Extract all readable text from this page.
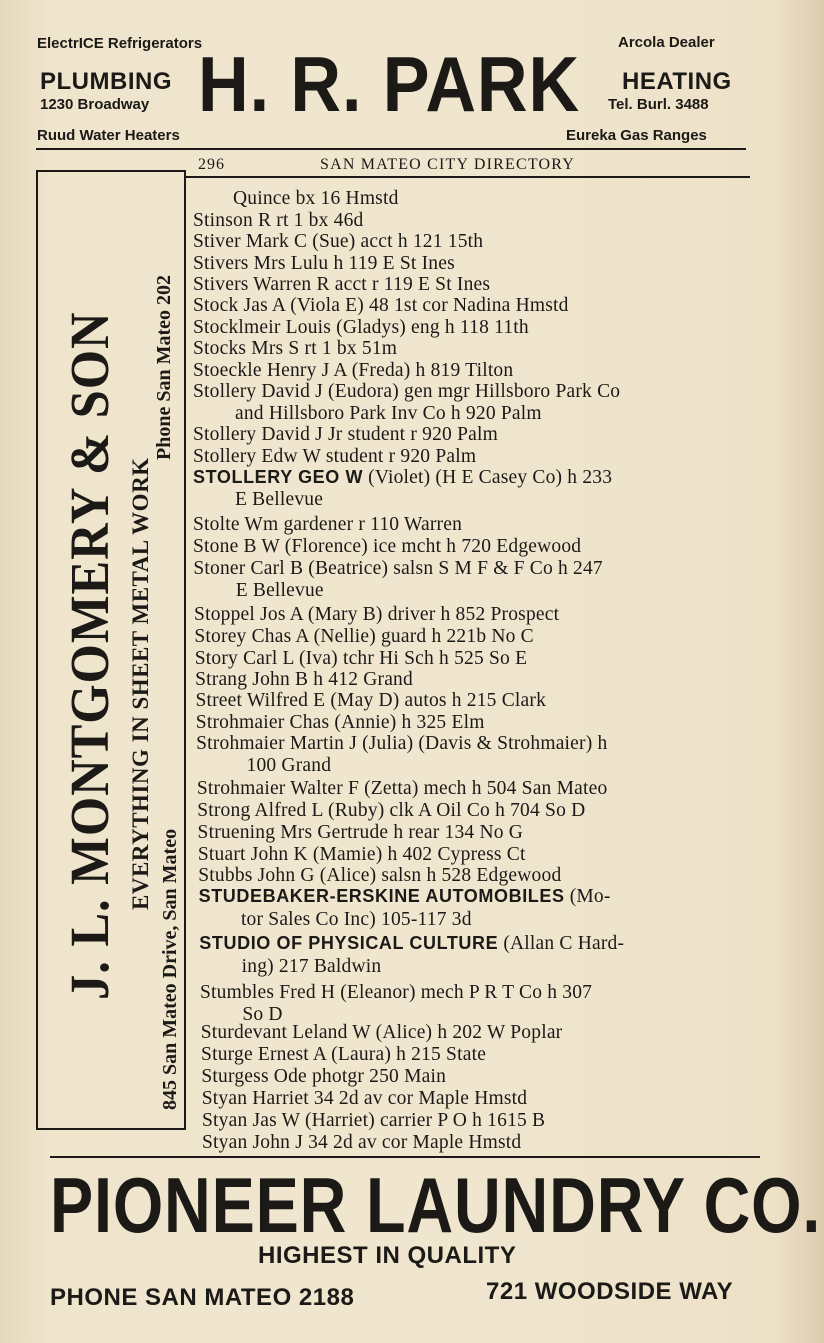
ElectrICE Refrigerators	Arcola Dealer
PLUMBING
1230 Broadway H. R. PARK HEATING
Tel. Burl. 3488
Ruud Water Heaters	Eureka Gas Ranges
296	SAN MATEO CITY DIRECTORY
J. L. MONTGOMERY & SON EVERYTHING IN SHEET METAL WORK
Phone San Mateo 202
845 San Mateo Drive, San Mateo
Quince bx 16 Hmstd
Stinson R rt 1 bx 46d
Stiver Mark C (Sue) acct h 121 15th
Stivers Mrs Lulu h 119 E St Ines
Stivers Warren R acct r 119 E St Ines
Stock Jas A (Viola E) 48 1st cor Nadina Hmstd
Stocklmeir Louis (Gladys) eng h 118 11th
Stocks Mrs S rt 1 bx 51m
Stoeckle Henry J A (Freda) h 819 Tilton
Stollery David J (Eudora) gen mgr Hillsboro Park Co
and Hillsboro Park Inv Co h 920 Palm
Stollery David J Jr student r 920 Palm
Stollery Edw W student r 920 Palm
STOLLERY GEO W (Violet) (H E Casey Co) h 233
E Bellevue
Stolte Wm gardener r 110 Warren
Stone B W (Florence) ice mcht h 720 Edgewood
Stoner Carl B (Beatrice) salsn S M F & F Co h 247
E Bellevue
Stoppel Jos A (Mary B) driver h 852 Prospect
Storey Chas A (Nellie) guard h 221b No C
Story Carl L (Iva) tchr Hi Sch h 525 So E
Strang John B h 412 Grand
Street Wilfred E (May D) autos h 215 Clark
Strohmaier Chas (Annie) h 325 Elm
Strohmaier Martin J (Julia) (Davis & Strohmaier) h
100 Grand
Strohmaier Walter F (Zetta) mech h 504 San Mateo
Strong Alfred L (Ruby) clk A Oil Co h 704 So D
Struening Mrs Gertrude h rear 134 No G
Stuart John K (Mamie) h 402 Cypress Ct
Stubbs John G (Alice) salsn h 528 Edgewood
STUDEBAKER-ERSKINE AUTOMOBILES (Mo-
tor Sales Co Inc) 105-117 3d
STUDIO OF PHYSICAL CULTURE (Allan C Hard-
ing) 217 Baldwin
Stumbles Fred H (Eleanor) mech P R T Co h 307
So D
Sturdevant Leland W (Alice) h 202 W Poplar
Sturge Ernest A (Laura) h 215 State
Sturgess Ode photgr 250 Main
Styan Harriet 34 2d av cor Maple Hmstd
Styan Jas W (Harriet) carrier P O h 1615 B
Styan John J 34 2d av cor Maple Hmstd
PIONEER LAUNDRY CO.
HIGHEST IN QUALITY
PHONE SAN MATEO 2188	721 WOODSIDE WAY
